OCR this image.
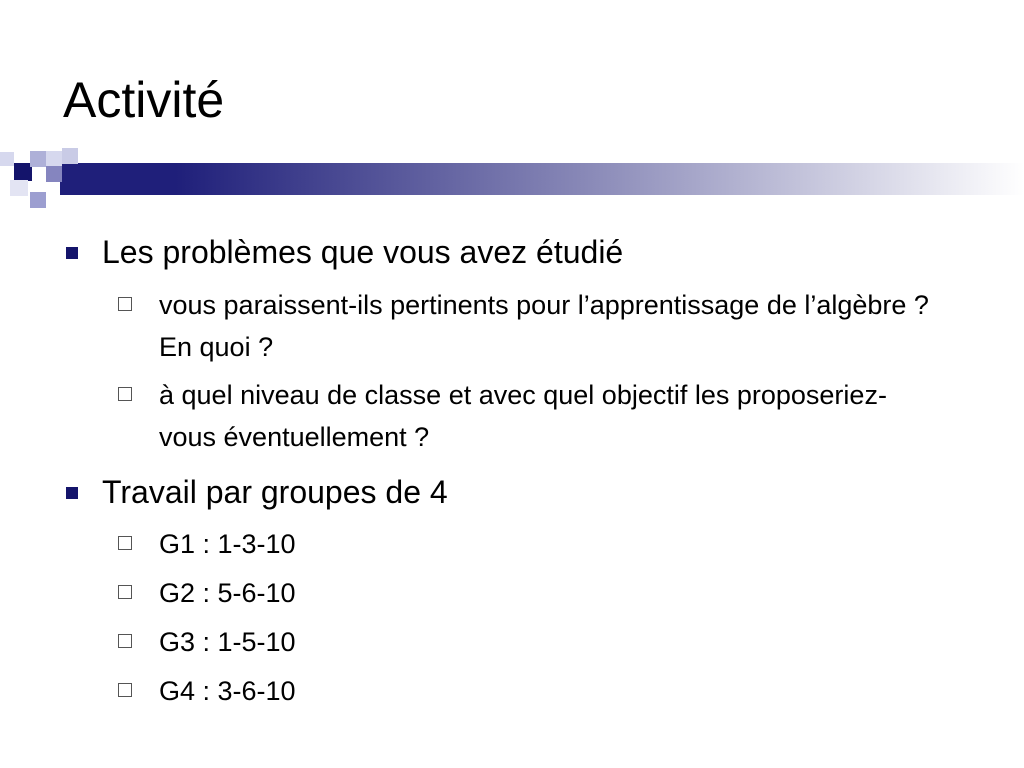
Activité
Les problèmes que vous avez étudié
vous paraissent-ils pertinents pour l’apprentissage de l’algèbre ? En quoi ?
à quel niveau de classe et avec quel objectif les proposeriez-vous éventuellement ?
Travail par groupes de 4
G1 : 1-3-10
G2 : 5-6-10
G3 : 1-5-10
G4 : 3-6-10
